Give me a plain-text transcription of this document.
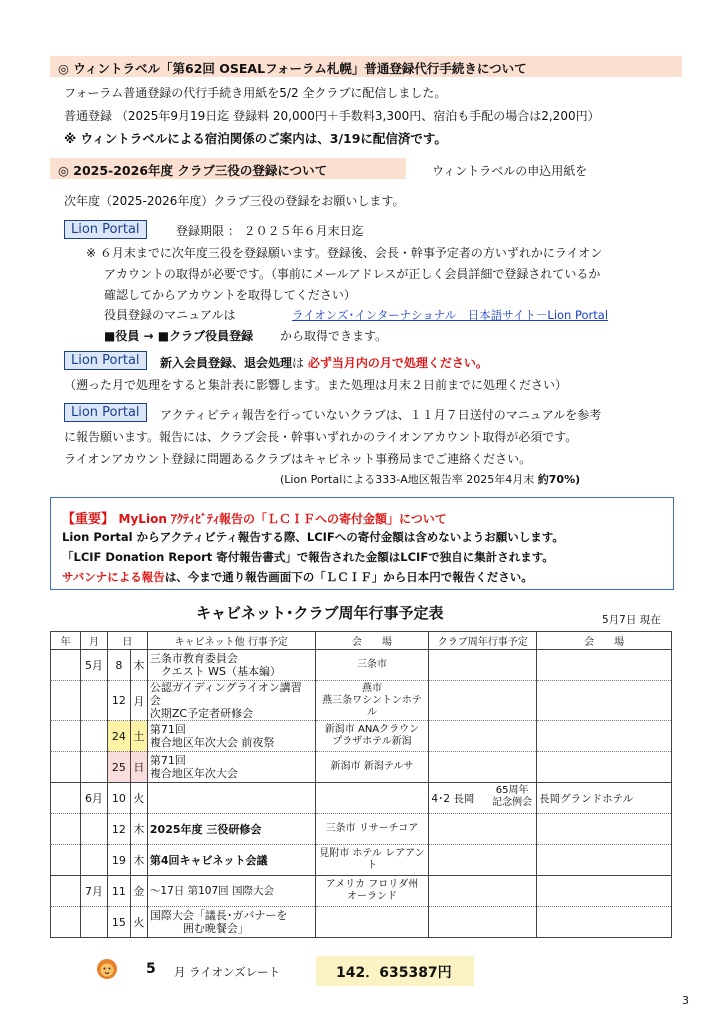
◎ ウィントラベル「第62回 OSEALフォーラム札幌」普通登録代行手続きについて
フォーラム普通登録の代行手続き用紙を5/2 全クラブに配信しました。
普通登録 （2025年9月19日迄 登録料 20,000円＋手数料3,300円、宿泊も手配の場合は2,200円）
※ ウィントラベルによる宿泊関係のご案内は、3/19に配信済です。
◎ 2025-2026年度 クラブ三役の登録について	ウィントラベルの申込用紙を
次年度（2025-2026年度）クラブ三役の登録をお願いします。
Lion Portal	登録期限 ： ２０２５年６月末日迄
※ ６月末までに次年度三役を登録願います。登録後、会長・幹事予定者の方いずれかにライオン
アカウントの取得が必要です。（事前にメールアドレスが正しく会員詳細で登録されているか
確認してからアカウントを取得してください）
役員登録のマニュアルは	ライオンズ･インターナショナル　日本語サイト－Lion Portal
■役員 → ■クラブ役員登録 から取得できます。
Lion Portal	新入会員登録、退会処理は 必ず当月内の月で処理ください。
（遡った月で処理をすると集計表に影響します。また処理は月末２日前までに処理ください）
Lion Portal	アクティビティ報告を行っていないクラブは、１１月７日送付のマニュアルを参考
に報告願います。報告には、クラブ会長・幹事いずれかのライオンアカウント取得が必須です。
ライオンアカウント登録に問題あるクラブはキャビネット事務局までご連絡ください。
(Lion Portalによる333-A地区報告率 2025年4月末 約70%)
【重要】 MyLion ｱｸﾃｨﾋﾞﾃｨ報告の「ＬＣＩＦへの寄付金額」について
Lion Portal からアクティビティ報告する際、LCIFへの寄付金額は含めないようお願いします。
「LCIF Donation Report 寄付報告書式」で報告された金額はLCIFで独自に集計されます。
サバンナによる報告は、今まで通り報告画面下の「ＬＣＩＦ」から日本円で報告ください。
キャビネット･クラブ周年行事予定表	5月7日 現在
年	月	日		キャビネット他 行事予定	会　　場	クラブ周年行事予定	会　　場
	5月	8	木	三条市教育委員会
　クエスト WS（基本編）	三条市		
		12	月	公認ガイディングライオン講習会
次期ZC予定者研修会	燕市
燕三条ワシントンホテル		
		24	土	第71回
複合地区年次大会 前夜祭	新潟市 ANAクラウン
プラザホテル新潟		
		25	日	第71回
複合地区年次大会	新潟市 新潟テルサ		
	6月	10	火			4･2 長岡
65周年
記念例会	長岡グランドホテル
		12	木	2025年度 三役研修会	三条市 リサーチコア		
		19	木	第4回キャビネット会議	見附市 ホテル レアアント		
	7月	11	金	～17日 第107回 国際大会	アメリカ フロリダ州
オーランド		
		15	火	国際大会「議長･ガバナーを
　　　囲む晩餐会」			
5 月 ライオンズレート	142．635387円
3
